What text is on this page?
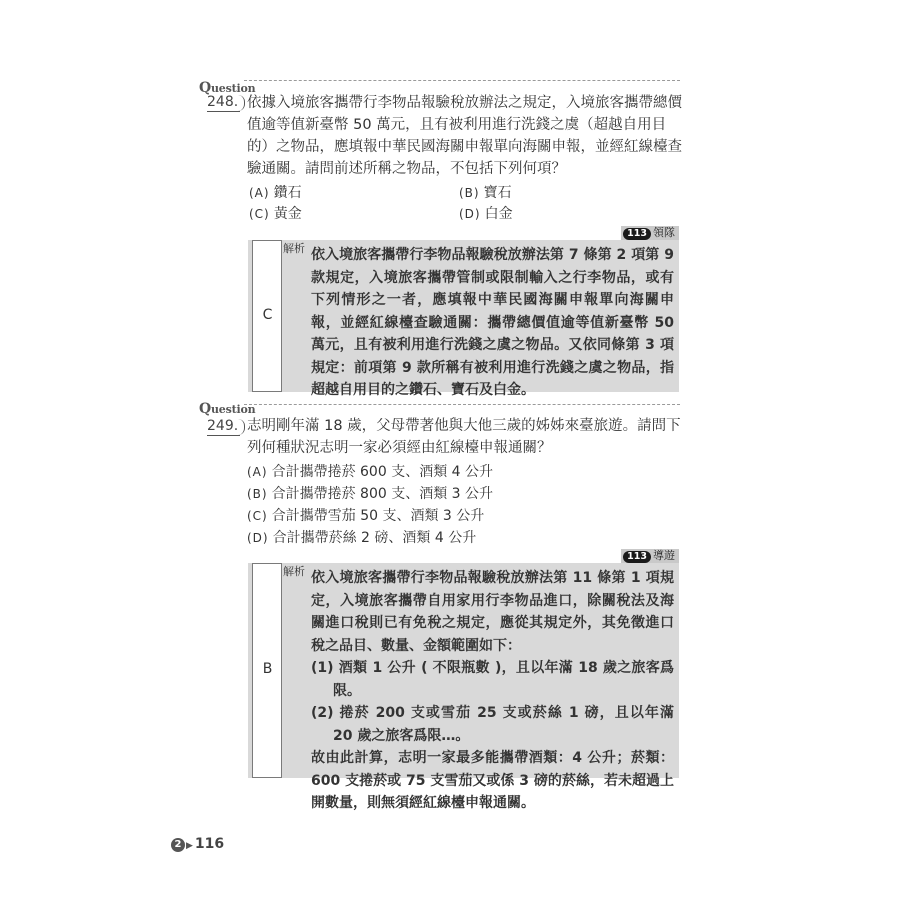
Question
248. 依據入境旅客攜帶行李物品報驗稅放辦法之規定，入境旅客攜帶總價值逾等值新臺幣 50 萬元，且有被利用進行洗錢之虞（超越自用目的）之物品，應填報中華民國海關申報單向海關申報，並經紅線檯查驗通關。請問前述所稱之物品，不包括下列何項？
(A) 鑽石	(B) 寶石
(C) 黃金	(D) 白金
113 領隊
C
解析 依入境旅客攜帶行李物品報驗稅放辦法第 7 條第 2 項第 9 款規定，入境旅客攜帶管制或限制輸入之行李物品，或有下列情形之一者，應填報中華民國海關申報單向海關申報，並經紅線檯查驗通關：攜帶總價值逾等值新臺幣 50 萬元，且有被利用進行洗錢之虞之物品。又依同條第 3 項規定：前項第 9 款所稱有被利用進行洗錢之虞之物品，指超越自用目的之鑽石、寶石及白金。

Question
249. 志明剛年滿 18 歲，父母帶著他與大他三歲的姊姊來臺旅遊。請問下列何種狀況志明一家必須經由紅線檯申報通關？
(A) 合計攜帶捲菸 600 支、酒類 4 公升
(B) 合計攜帶捲菸 800 支、酒類 3 公升
(C) 合計攜帶雪茄 50 支、酒類 3 公升
(D) 合計攜帶菸絲 2 磅、酒類 4 公升
113 導遊
B
解析 依入境旅客攜帶行李物品報驗稅放辦法第 11 條第 1 項規定，入境旅客攜帶自用家用行李物品進口，除關稅法及海關進口稅則已有免稅之規定，應從其規定外，其免徵進口稅之品目、數量、金額範圍如下：

(1) 酒類 1 公升 ( 不限瓶數 )，且以年滿 18 歲之旅客爲限。

(2) 捲菸 200 支或雪茄 25 支或菸絲 1 磅，且以年滿 20 歲之旅客爲限…。

故由此計算，志明一家最多能攜帶酒類：4 公升；菸類：600 支捲菸或 75 支雪茄又或係 3 磅的菸絲，若未超過上開數量，則無須經紅線檯申報通關。

2 ▶ 116
